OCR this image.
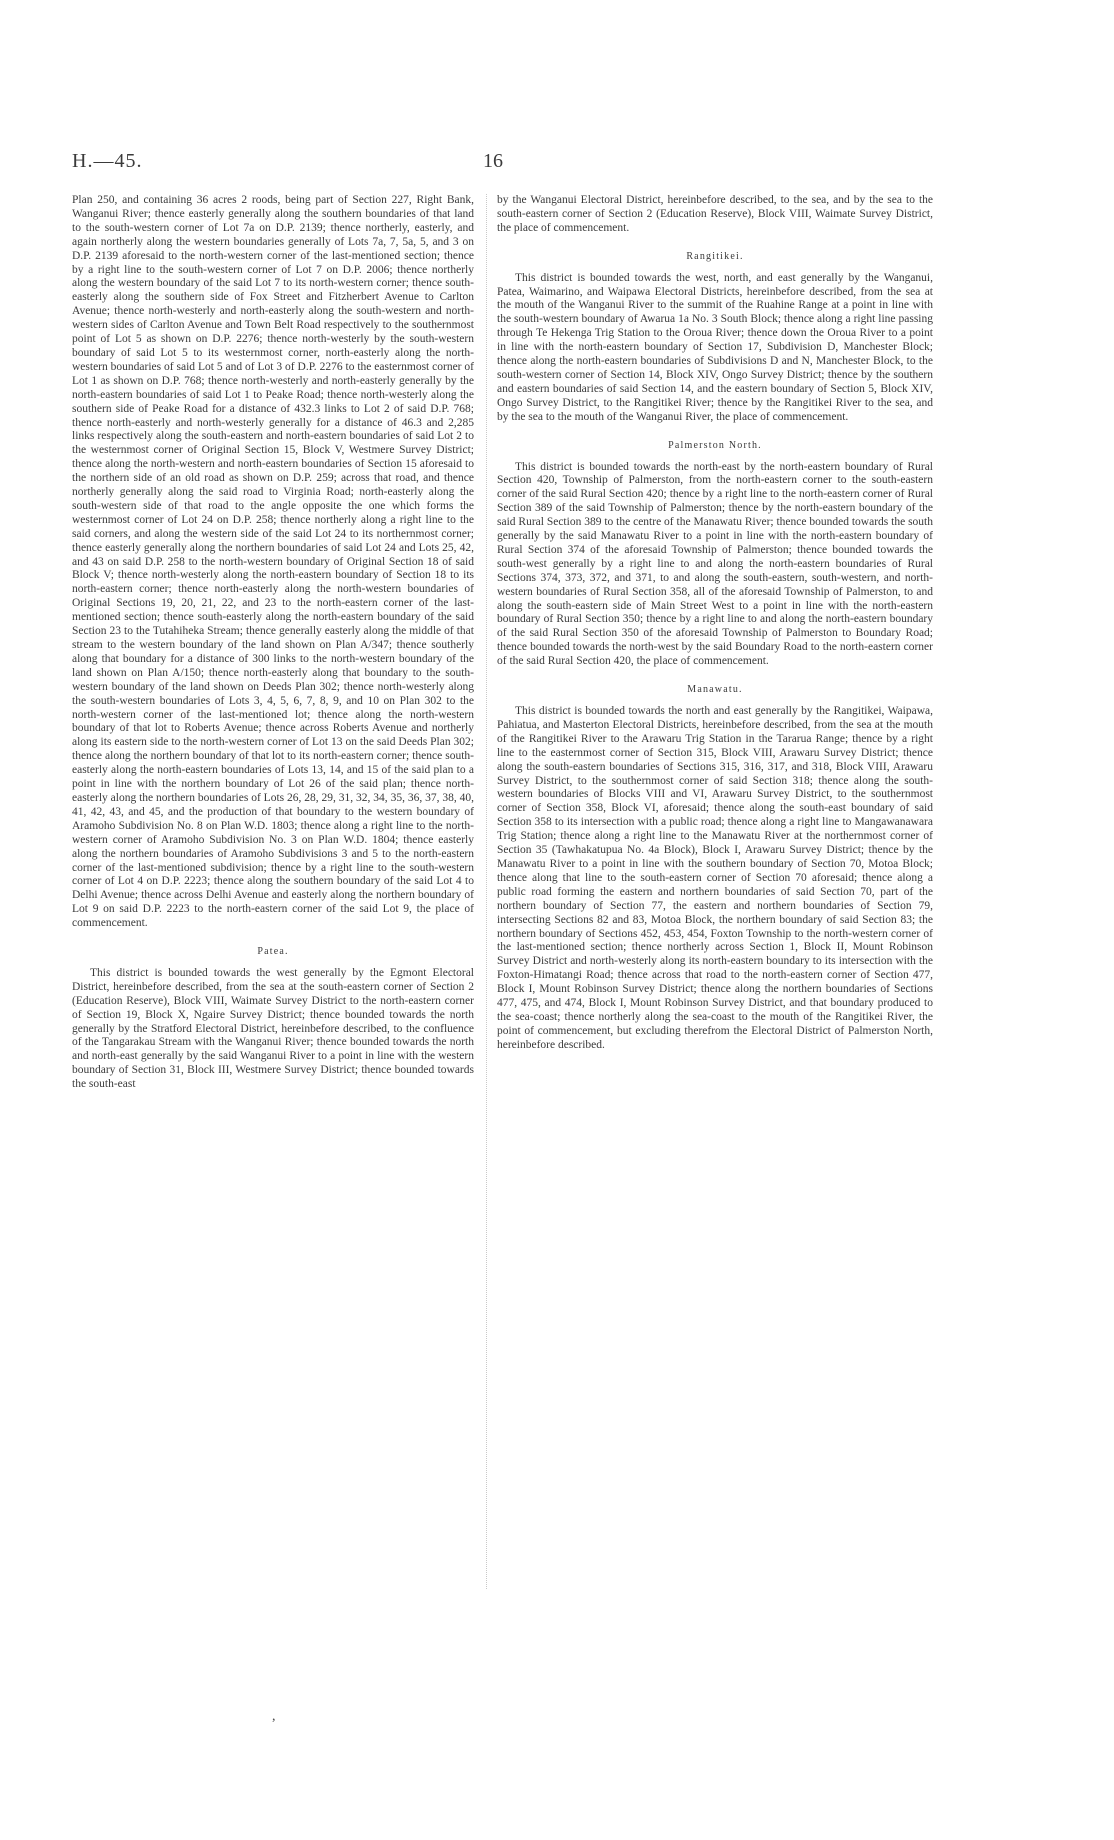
H.—45.	16

Plan 250, and containing 36 acres 2 roods, being part of Section 227, Right Bank, Wanganui River; thence easterly generally along the southern boundaries of that land to the south-western corner of Lot 7a on D.P. 2139; thence northerly, easterly, and again northerly along the western boundaries generally of Lots 7a, 7, 5a, 5, and 3 on D.P. 2139 aforesaid to the north-western corner of the last-mentioned section; thence by a right line to the south-western corner of Lot 7 on D.P. 2006; thence northerly along the western boundary of the said Lot 7 to its north-western corner; thence south-easterly along the southern side of Fox Street and Fitzherbert Avenue to Carlton Avenue; thence north-westerly and north-easterly along the south-western and north-western sides of Carlton Avenue and Town Belt Road respectively to the southernmost point of Lot 5 as shown on D.P. 2276; thence north-westerly by the south-western boundary of said Lot 5 to its westernmost corner, north-easterly along the north-western boundaries of said Lot 5 and of Lot 3 of D.P. 2276 to the easternmost corner of Lot 1 as shown on D.P. 768; thence north-westerly and north-easterly generally by the north-eastern boundaries of said Lot 1 to Peake Road; thence north-westerly along the southern side of Peake Road for a distance of 432.3 links to Lot 2 of said D.P. 768; thence north-easterly and north-westerly generally for a distance of 46.3 and 2,285 links respectively along the south-eastern and north-eastern boundaries of said Lot 2 to the westernmost corner of Original Section 15, Block V, Westmere Survey District; thence along the north-western and north-eastern boundaries of Section 15 aforesaid to the northern side of an old road as shown on D.P. 259; across that road, and thence northerly generally along the said road to Virginia Road; north-easterly along the south-western side of that road to the angle opposite the one which forms the westernmost corner of Lot 24 on D.P. 258; thence northerly along a right line to the said corners, and along the western side of the said Lot 24 to its northernmost corner; thence easterly generally along the northern boundaries of said Lot 24 and Lots 25, 42, and 43 on said D.P. 258 to the north-western boundary of Original Section 18 of said Block V; thence north-westerly along the north-eastern boundary of Section 18 to its north-eastern corner; thence north-easterly along the north-western boundaries of Original Sections 19, 20, 21, 22, and 23 to the north-eastern corner of the last-mentioned section; thence south-easterly along the north-eastern boundary of the said Section 23 to the Tutahiheka Stream; thence generally easterly along the middle of that stream to the western boundary of the land shown on Plan A/347; thence southerly along that boundary for a distance of 300 links to the north-western boundary of the land shown on Plan A/150; thence north-easterly along that boundary to the south-western boundary of the land shown on Deeds Plan 302; thence north-westerly along the south-western boundaries of Lots 3, 4, 5, 6, 7, 8, 9, and 10 on Plan 302 to the north-western corner of the last-mentioned lot; thence along the north-western boundary of that lot to Roberts Avenue; thence across Roberts Avenue and northerly along its eastern side to the north-western corner of Lot 13 on the said Deeds Plan 302; thence along the northern boundary of that lot to its north-eastern corner; thence south-easterly along the north-eastern boundaries of Lots 13, 14, and 15 of the said plan to a point in line with the northern boundary of Lot 26 of the said plan; thence north-easterly along the northern boundaries of Lots 26, 28, 29, 31, 32, 34, 35, 36, 37, 38, 40, 41, 42, 43, and 45, and the production of that boundary to the western boundary of Aramoho Subdivision No. 8 on Plan W.D. 1803; thence along a right line to the north-western corner of Aramoho Subdivision No. 3 on Plan W.D. 1804; thence easterly along the northern boundaries of Aramoho Subdivisions 3 and 5 to the north-eastern corner of the last-mentioned subdivision; thence by a right line to the south-western corner of Lot 4 on D.P. 2223; thence along the southern boundary of the said Lot 4 to Delhi Avenue; thence across Delhi Avenue and easterly along the northern boundary of Lot 9 on said D.P. 2223 to the north-eastern corner of the said Lot 9, the place of commencement.

Patea.

This district is bounded towards the west generally by the Egmont Electoral District, hereinbefore described, from the sea at the south-eastern corner of Section 2 (Education Reserve), Block VIII, Waimate Survey District to the north-eastern corner of Section 19, Block X, Ngaire Survey District; thence bounded towards the north generally by the Stratford Electoral District, hereinbefore described, to the confluence of the Tangarakau Stream with the Wanganui River; thence bounded towards the north and north-east generally by the said Wanganui River to a point in line with the western boundary of Section 31, Block III, Westmere Survey District; thence bounded towards the south-east

by the Wanganui Electoral District, hereinbefore described, to the sea, and by the sea to the south-eastern corner of Section 2 (Education Reserve), Block VIII, Waimate Survey District, the place of commencement.

Rangitikei.

This district is bounded towards the west, north, and east generally by the Wanganui, Patea, Waimarino, and Waipawa Electoral Districts, hereinbefore described, from the sea at the mouth of the Wanganui River to the summit of the Ruahine Range at a point in line with the south-western boundary of Awarua 1a No. 3 South Block; thence along a right line passing through Te Hekenga Trig Station to the Oroua River; thence down the Oroua River to a point in line with the north-eastern boundary of Section 17, Subdivision D, Manchester Block; thence along the north-eastern boundaries of Subdivisions D and N, Manchester Block, to the south-western corner of Section 14, Block XIV, Ongo Survey District; thence by the southern and eastern boundaries of said Section 14, and the eastern boundary of Section 5, Block XIV, Ongo Survey District, to the Rangitikei River; thence by the Rangitikei River to the sea, and by the sea to the mouth of the Wanganui River, the place of commencement.

Palmerston North.

This district is bounded towards the north-east by the north-eastern boundary of Rural Section 420, Township of Palmerston, from the north-eastern corner to the south-eastern corner of the said Rural Section 420; thence by a right line to the north-eastern corner of Rural Section 389 of the said Township of Palmerston; thence by the north-eastern boundary of the said Rural Section 389 to the centre of the Manawatu River; thence bounded towards the south generally by the said Manawatu River to a point in line with the north-eastern boundary of Rural Section 374 of the aforesaid Township of Palmerston; thence bounded towards the south-west generally by a right line to and along the north-eastern boundaries of Rural Sections 374, 373, 372, and 371, to and along the south-eastern, south-western, and north-western boundaries of Rural Section 358, all of the aforesaid Township of Palmerston, to and along the south-eastern side of Main Street West to a point in line with the north-eastern boundary of Rural Section 350; thence by a right line to and along the north-eastern boundary of the said Rural Section 350 of the aforesaid Township of Palmerston to Boundary Road; thence bounded towards the north-west by the said Boundary Road to the north-eastern corner of the said Rural Section 420, the place of commencement.

Manawatu.

This district is bounded towards the north and east generally by the Rangitikei, Waipawa, Pahiatua, and Masterton Electoral Districts, hereinbefore described, from the sea at the mouth of the Rangitikei River to the Arawaru Trig Station in the Tararua Range; thence by a right line to the easternmost corner of Section 315, Block VIII, Arawaru Survey District; thence along the south-eastern boundaries of Sections 315, 316, 317, and 318, Block VIII, Arawaru Survey District, to the southernmost corner of said Section 318; thence along the south-western boundaries of Blocks VIII and VI, Arawaru Survey District, to the southernmost corner of Section 358, Block VI, aforesaid; thence along the south-east boundary of said Section 358 to its intersection with a public road; thence along a right line to Mangawanawara Trig Station; thence along a right line to the Manawatu River at the northernmost corner of Section 35 (Tawhakatupua No. 4a Block), Block I, Arawaru Survey District; thence by the Manawatu River to a point in line with the southern boundary of Section 70, Motoa Block; thence along that line to the south-eastern corner of Section 70 aforesaid; thence along a public road forming the eastern and northern boundaries of said Section 70, part of the northern boundary of Section 77, the eastern and northern boundaries of Section 79, intersecting Sections 82 and 83, Motoa Block, the northern boundary of said Section 83; the northern boundary of Sections 452, 453, 454, Foxton Township to the north-western corner of the last-mentioned section; thence northerly across Section 1, Block II, Mount Robinson Survey District and north-westerly along its north-eastern boundary to its intersection with the Foxton-Himatangi Road; thence across that road to the north-eastern corner of Section 477, Block I, Mount Robinson Survey District; thence along the northern boundaries of Sections 477, 475, and 474, Block I, Mount Robinson Survey District, and that boundary produced to the sea-coast; thence northerly along the sea-coast to the mouth of the Rangitikei River, the point of commencement, but excluding therefrom the Electoral District of Palmerston North, hereinbefore described.

,
